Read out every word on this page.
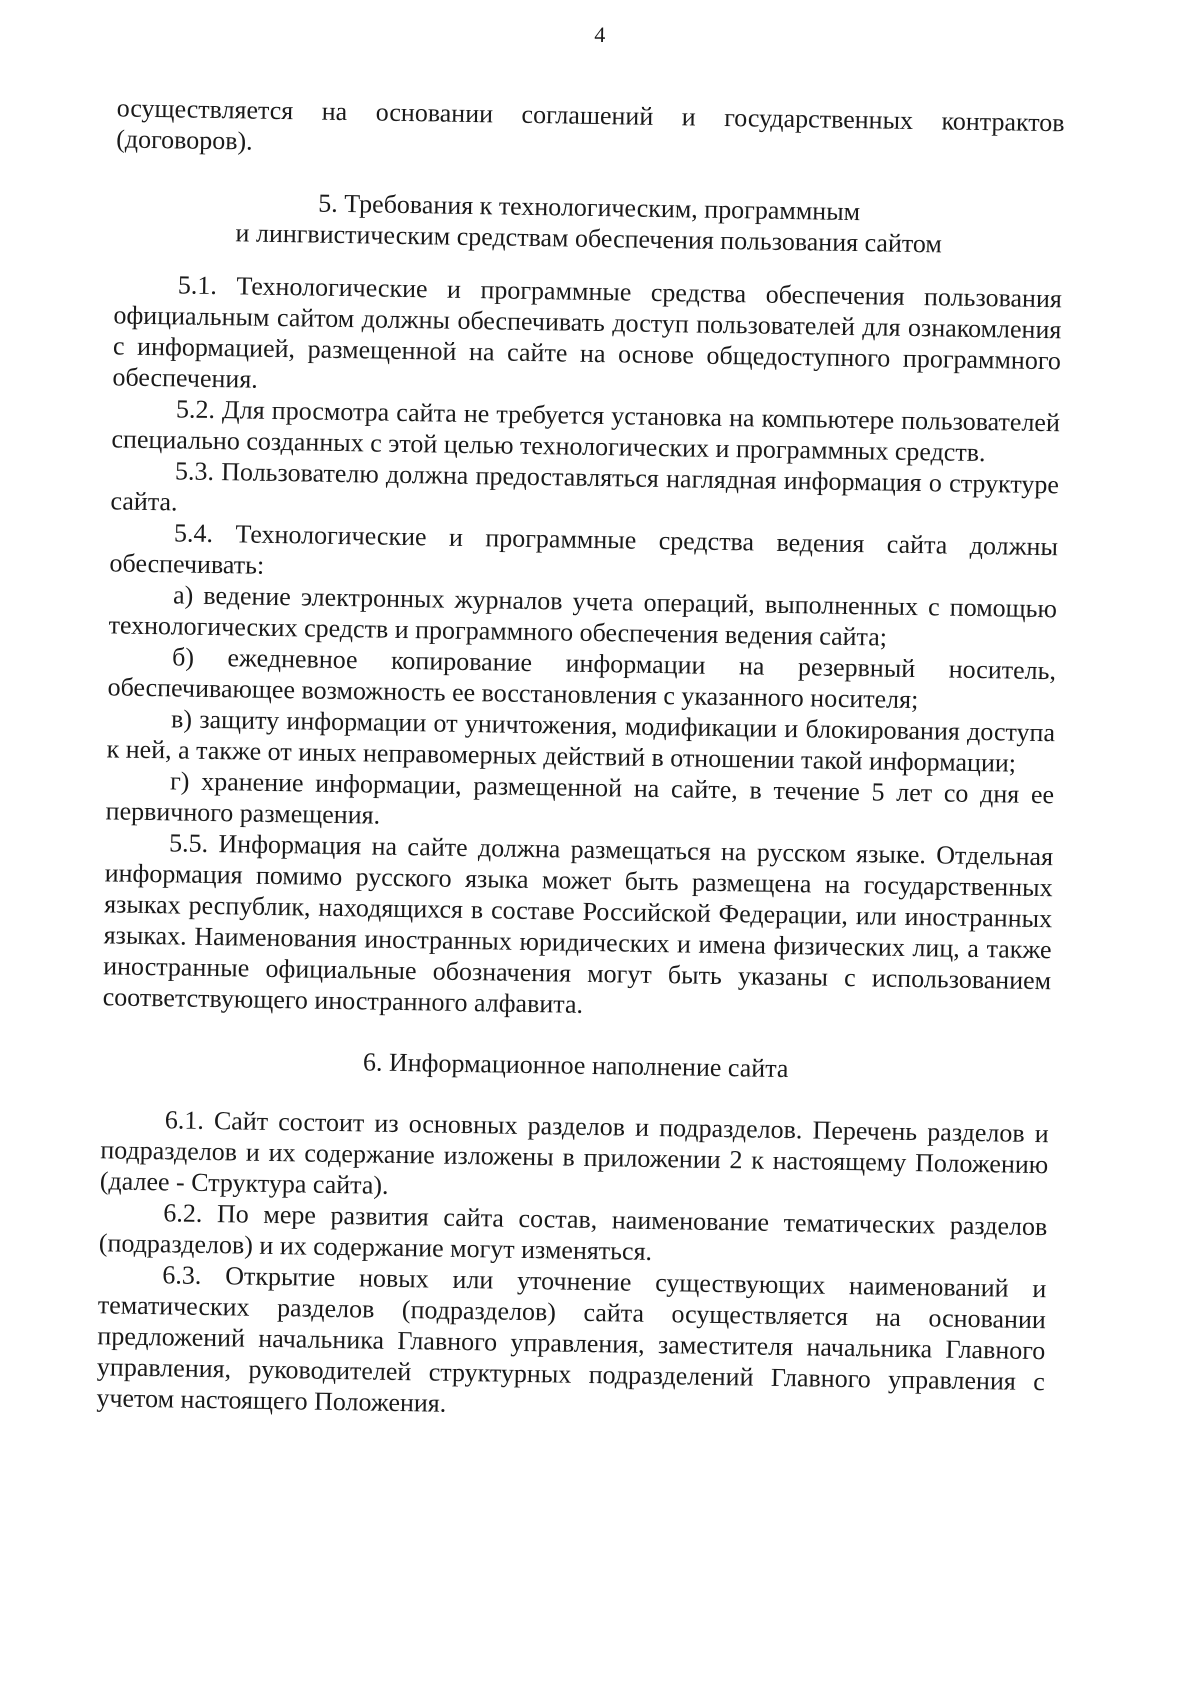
4

осуществляется на основании соглашений и государственных контрактов (договоров).

5. Требования к технологическим, программным

и лингвистическим средствам обеспечения пользования сайтом

5.1. Технологические и программные средства обеспечения пользования официальным сайтом должны обеспечивать доступ пользователей для ознакомления с информацией, размещенной на сайте на основе общедоступного программного обеспечения.

5.2. Для просмотра сайта не требуется установка на компьютере пользователей специально созданных с этой целью технологических и программных средств.

5.3. Пользователю должна предоставляться наглядная информация о структуре сайта.

5.4. Технологические и программные средства ведения сайта должны обеспечивать:

а) ведение электронных журналов учета операций, выполненных с помощью технологических средств и программного обеспечения ведения сайта;

б) ежедневное копирование информации на резервный носитель, обеспечивающее возможность ее восстановления с указанного носителя;

в) защиту информации от уничтожения, модификации и блокирования доступа к ней, а также от иных неправомерных действий в отношении такой информации;

г) хранение информации, размещенной на сайте, в течение 5 лет со дня ее первичного размещения.

5.5. Информация на сайте должна размещаться на русском языке. Отдельная информация помимо русского языка может быть размещена на государственных языках республик, находящихся в составе Российской Федерации, или иностранных языках. Наименования иностранных юридических и имена физических лиц, а также иностранные официальные обозначения могут быть указаны с использованием соответствующего иностранного алфавита.

6. Информационное наполнение сайта

6.1. Сайт состоит из основных разделов и подразделов. Перечень разделов и подразделов и их содержание изложены в приложении 2 к настоящему Положению (далее - Структура сайта).

6.2. По мере развития сайта состав, наименование тематических разделов (подразделов) и их содержание могут изменяться.

6.3. Открытие новых или уточнение существующих наименований и тематических разделов (подразделов) сайта осуществляется на основании предложений начальника Главного управления, заместителя начальника Главного управления, руководителей структурных подразделений Главного управления с учетом настоящего Положения.
